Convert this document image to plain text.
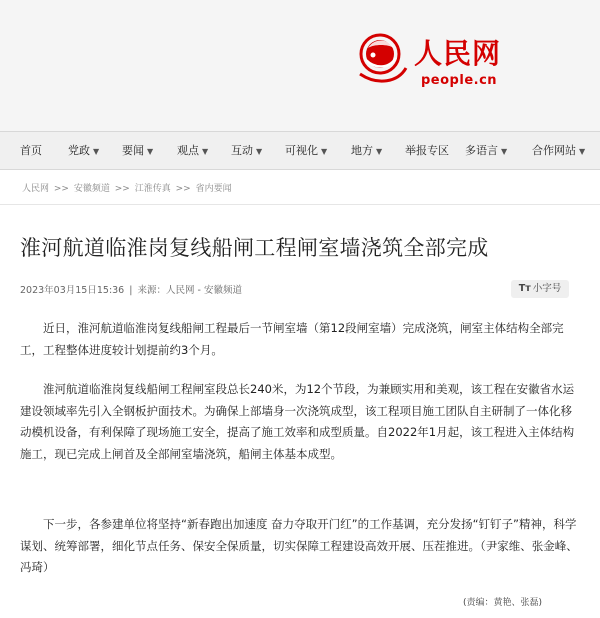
人民网
people.cn
首页 党政 ▼ 要闻 ▼ 观点 ▼ 互动 ▼ 可视化 ▼ 地方 ▼ 举报专区 多语言 ▼ 合作网站 ▼
人民网 >> 安徽频道 >> 江淮传真 >> 省内要闻
淮河航道临淮岗复线船闸工程闸室墙浇筑全部完成
2023年03月15日15:36 | 来源：人民网 - 安徽频道	Tт 小字号

近日，淮河航道临淮岗复线船闸工程最后一节闸室墙（第12段闸室墙）完成浇筑，闸室主体结构全部完工，工程整体进度较计划提前约3个月。

淮河航道临淮岗复线船闸工程闸室段总长240米，为12个节段，为兼顾实用和美观，该工程在安徽省水运建设领域率先引入全钢板护面技术。为确保上部墙身一次浇筑成型，该工程项目施工团队自主研制了一体化移动模机设备，有利保障了现场施工安全，提高了施工效率和成型质量。自2022年1月起，该工程进入主体结构施工，现已完成上闸首及全部闸室墙浇筑，船闸主体基本成型。

下一步，各参建单位将坚持“新春跑出加速度 奋力夺取开门红”的工作基调，充分发扬“钉钉子”精神，科学谋划、统筹部署，细化节点任务、保安全保质量，切实保障工程建设高效开展、压茬推进。（尹家维、张金峰、冯琦）

(责编：黄艳、张磊)
